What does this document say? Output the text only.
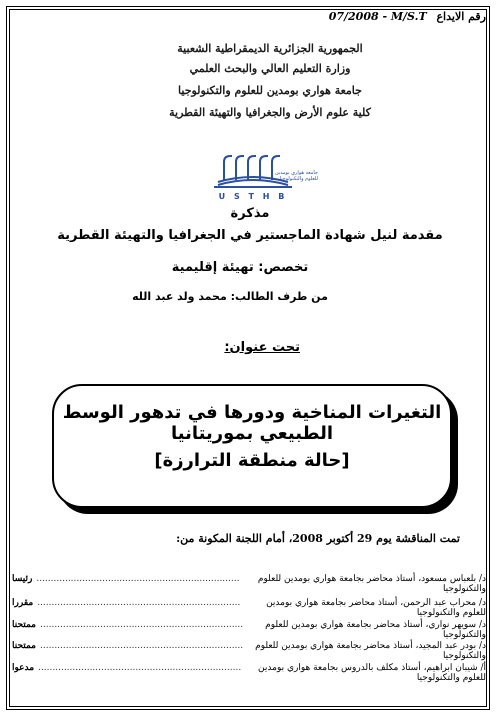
رقم الايداع 07/2008 - M/S.T
الجمهورية الجزائرية الديمقراطية الشعبية
وزارة التعليم العالي والبحث العلمي
جامعة هواري بومدين للعلوم والتكنولوجيا
كلية علوم الأرض والجغرافيا والتهيئة القطرية
جامعة هواري بومدين للعلوم والتكنولوجيا
U S T H B
مذكرة
مقدمة لنيل شهادة الماجستير في الجغرافيا والتهيئة القطرية
تخصص: تهيئة إقليمية
من طرف الطالب: محمد ولد عبد الله
تحت عنوان:
التغيرات المناخية ودورها في تدهور الوسط الطبيعي بموريتانيا
[حالة منطقة الترارزة]
تمت المناقشة يوم 29 أكتوبر 2008، أمام اللجنة المكونة من:
د/ بلعباس مسعود، أستاذ محاضر بجامعة هواري بومدين للعلوم والتكنولوجيا
.......................................................................
رئيسا
د/ محراب عبد الرحمن، أستاذ محاضر بجامعة هواري بومدين للعلوم والتكنولوجيا
.......................................................................
مقررا
د/ سويهر نواري، أستاذ محاضر بجامعة هواري بومدين للعلوم والتكنولوجيا
.......................................................................
ممتحنا
د/ بودر عبد المجيد، أستاذ محاضر بجامعة هواري بومدين للعلوم والتكنولوجيا
.......................................................................
ممتحنا
أ/ شيبان ابراهيم، أستاذ مكلف بالدروس بجامعة هواري بومدين للعلوم والتكنولوجيا
.......................................................................
مدعوا
